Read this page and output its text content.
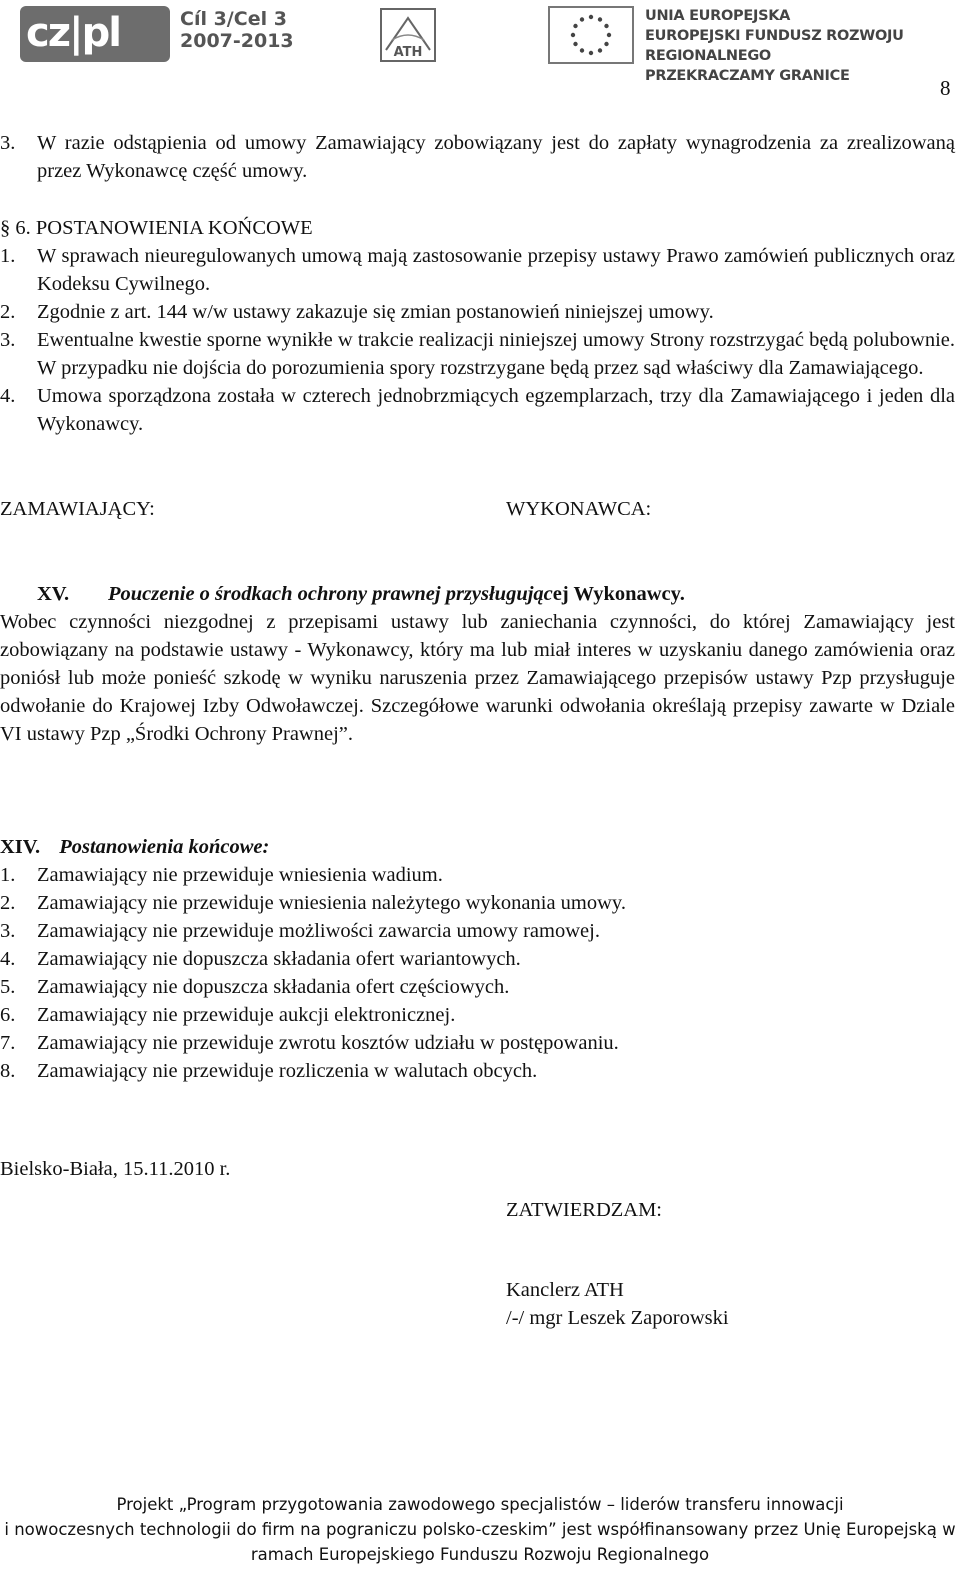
cz|pl	Cíl 3/Cel 3
2007-2013
ATH
UNIA EUROPEJSKA
EUROPEJSKI FUNDUSZ ROZWOJU REGIONALNEGO
PRZEKRACZAMY GRANICE	8
3. W razie odstąpienia od umowy Zamawiający zobowiązany jest do zapłaty wynagrodzenia za zrealizowaną przez Wykonawcę część umowy.
§ 6. POSTANOWIENIA KOŃCOWE
1. W sprawach nieuregulowanych umową mają zastosowanie przepisy ustawy Prawo zamówień publicznych oraz Kodeksu Cywilnego.
2. Zgodnie z art. 144 w/w ustawy zakazuje się zmian postanowień niniejszej umowy.
3. Ewentualne kwestie sporne wynikłe w trakcie realizacji niniejszej umowy Strony rozstrzygać będą polubownie. W przypadku nie dojścia do porozumienia spory rozstrzygane będą przez sąd właściwy dla Zamawiającego.
4. Umowa sporządzona została w czterech jednobrzmiących egzemplarzach, trzy dla Zamawiającego i jeden dla Wykonawcy.
ZAMAWIAJĄCY:	WYKONAWCA:
XV. Pouczenie o środkach ochrony prawnej przysługującej Wykonawcy.
Wobec czynności niezgodnej z przepisami ustawy lub zaniechania czynności, do której Zamawiający jest zobowiązany na podstawie ustawy - Wykonawcy, który ma lub miał interes w uzyskaniu danego zamówienia oraz poniósł lub może ponieść szkodę w wyniku naruszenia przez Zamawiającego przepisów ustawy Pzp przysługuje odwołanie do Krajowej Izby Odwoławczej. Szczegółowe warunki odwołania określają przepisy zawarte w Dziale VI ustawy Pzp „Środki Ochrony Prawnej”.
XIV. Postanowienia końcowe:
1. Zamawiający nie przewiduje wniesienia wadium.
2. Zamawiający nie przewiduje wniesienia należytego wykonania umowy.
3. Zamawiający nie przewiduje możliwości zawarcia umowy ramowej.
4. Zamawiający nie dopuszcza składania ofert wariantowych.
5. Zamawiający nie dopuszcza składania ofert częściowych.
6. Zamawiający nie przewiduje aukcji elektronicznej.
7. Zamawiający nie przewiduje zwrotu kosztów udziału w postępowaniu.
8. Zamawiający nie przewiduje rozliczenia w walutach obcych.
Bielsko-Biała, 15.11.2010 r.
ZATWIERDZAM:
Kanclerz ATH
/-/ mgr Leszek Zaporowski
Projekt „Program przygotowania zawodowego specjalistów – liderów transferu innowacji
i nowoczesnych technologii do firm na pograniczu polsko-czeskim” jest współfinansowany przez Unię Europejską w
ramach Europejskiego Funduszu Rozwoju Regionalnego
